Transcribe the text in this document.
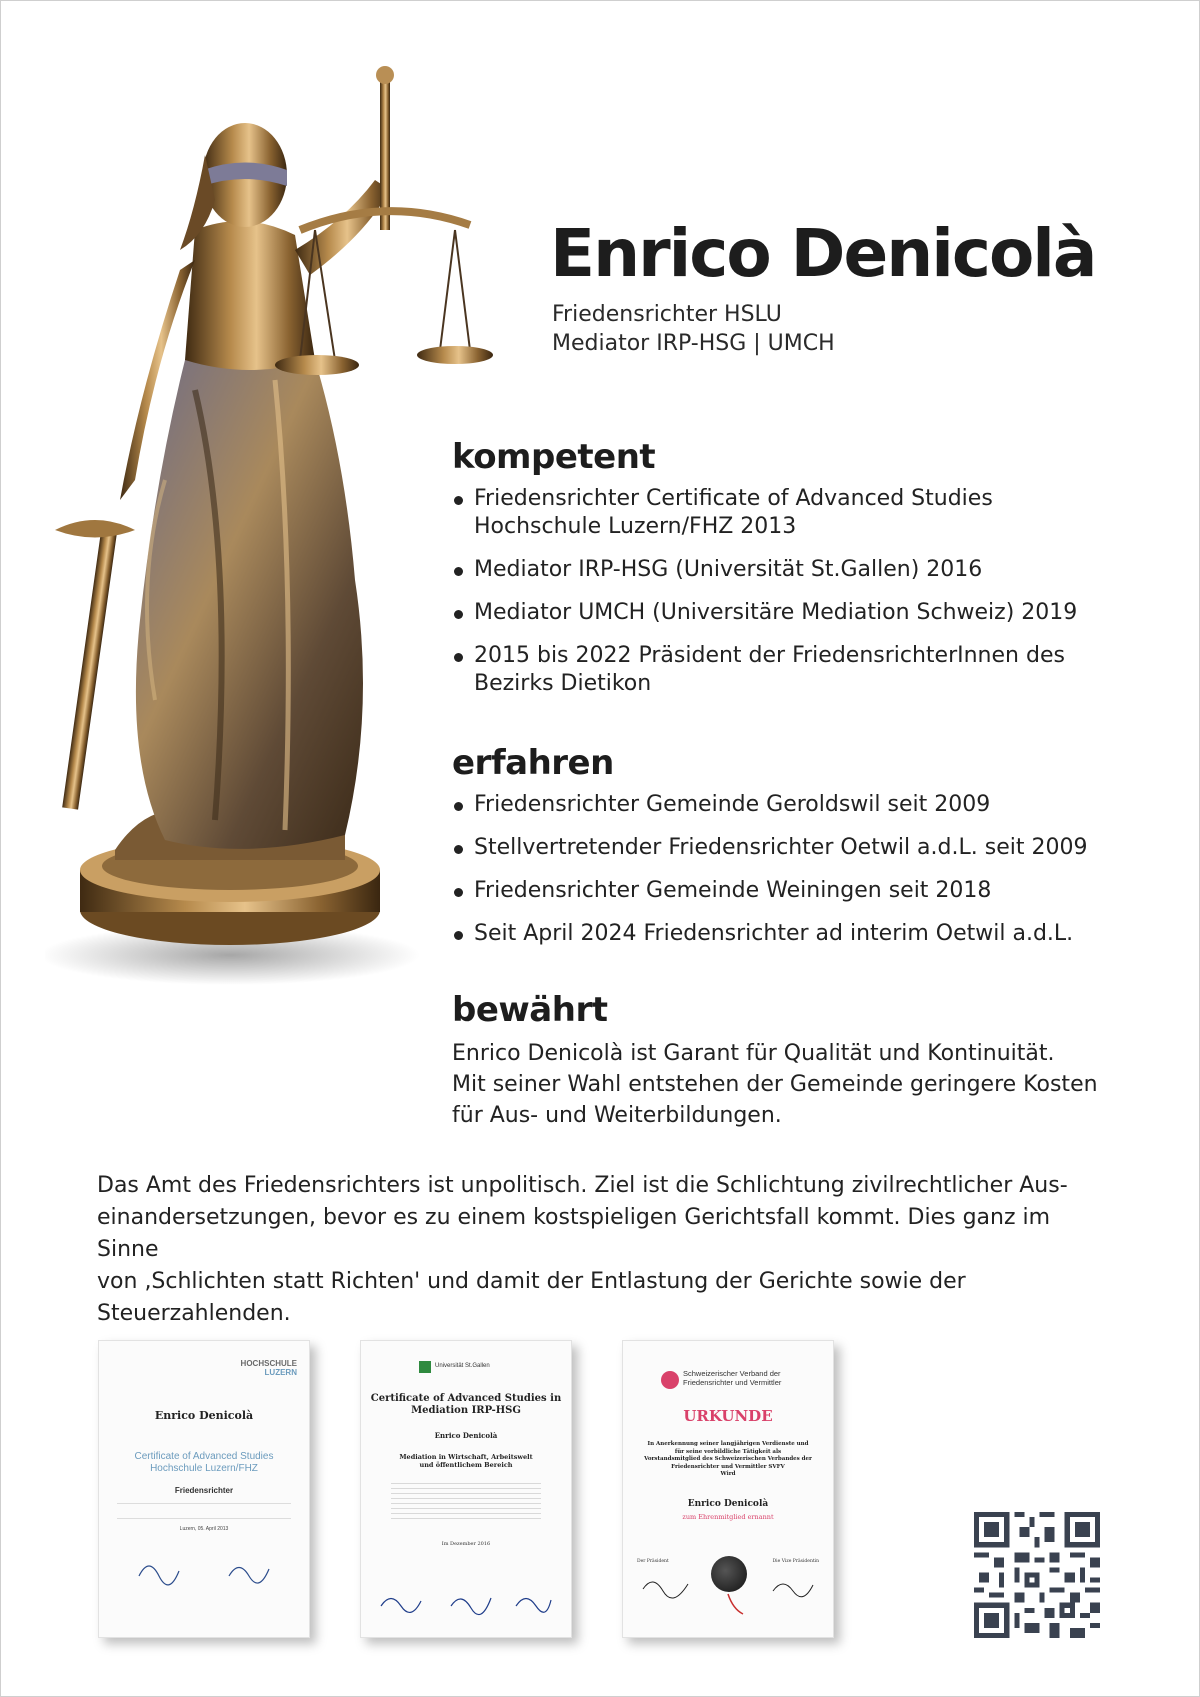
Enrico Denicolà
Friedensrichter HSLU
Mediator IRP-HSG | UMCH
kompetent
Friedensrichter Certificate of Advanced Studies
Hochschule Luzern/FHZ 2013
Mediator IRP-HSG (Universität St.Gallen) 2016
Mediator UMCH (Universitäre Mediation Schweiz) 2019
2015 bis 2022 Präsident der FriedensrichterInnen des
Bezirks Dietikon
erfahren
Friedensrichter Gemeinde Geroldswil seit 2009
Stellvertretender Friedensrichter Oetwil a.d.L. seit 2009
Friedensrichter Gemeinde Weiningen seit 2018
Seit April 2024 Friedensrichter ad interim Oetwil a.d.L.
bewährt

Enrico Denicolà ist Garant für Qualität und Kontinuität.
Mit seiner Wahl entstehen der Gemeinde geringere Kosten
für Aus- und Weiterbildungen.

Das Amt des Friedensrichters ist unpolitisch. Ziel ist die Schlichtung zivilrechtlicher Aus-
einandersetzungen, bevor es zu einem kostspieligen Gerichtsfall kommt. Dies ganz im Sinne
von ‚Schlichten statt Richten' und damit der Entlastung der Gerichte sowie der
Steuerzahlenden.

HOCHSCHULE
LUZERN
Enrico Denicolà
Certificate of Advanced Studies
Hochschule Luzern/FHZ
Friedensrichter
Luzern, 05. April 2013
Universität St.Gallen
Certificate of Advanced Studies in
Mediation IRP-HSG
Enrico Denicolà
Mediation in Wirtschaft, Arbeitswelt
und öffentlichem Bereich
Im Dezember 2016
Schweizerischer Verband der
Friedensrichter und Vermittler
URKUNDE
In Anerkennung seiner langjährigen Verdienste und
für seine vorbildliche Tätigkeit als
Vorstandsmitglied des Schweizerischen Verbandes der
Friedensrichter und Vermittler SVFV
Wird
Enrico Denicolà
zum Ehrenmitglied ernannt
Der Präsident	Die Vize Präsidentin
